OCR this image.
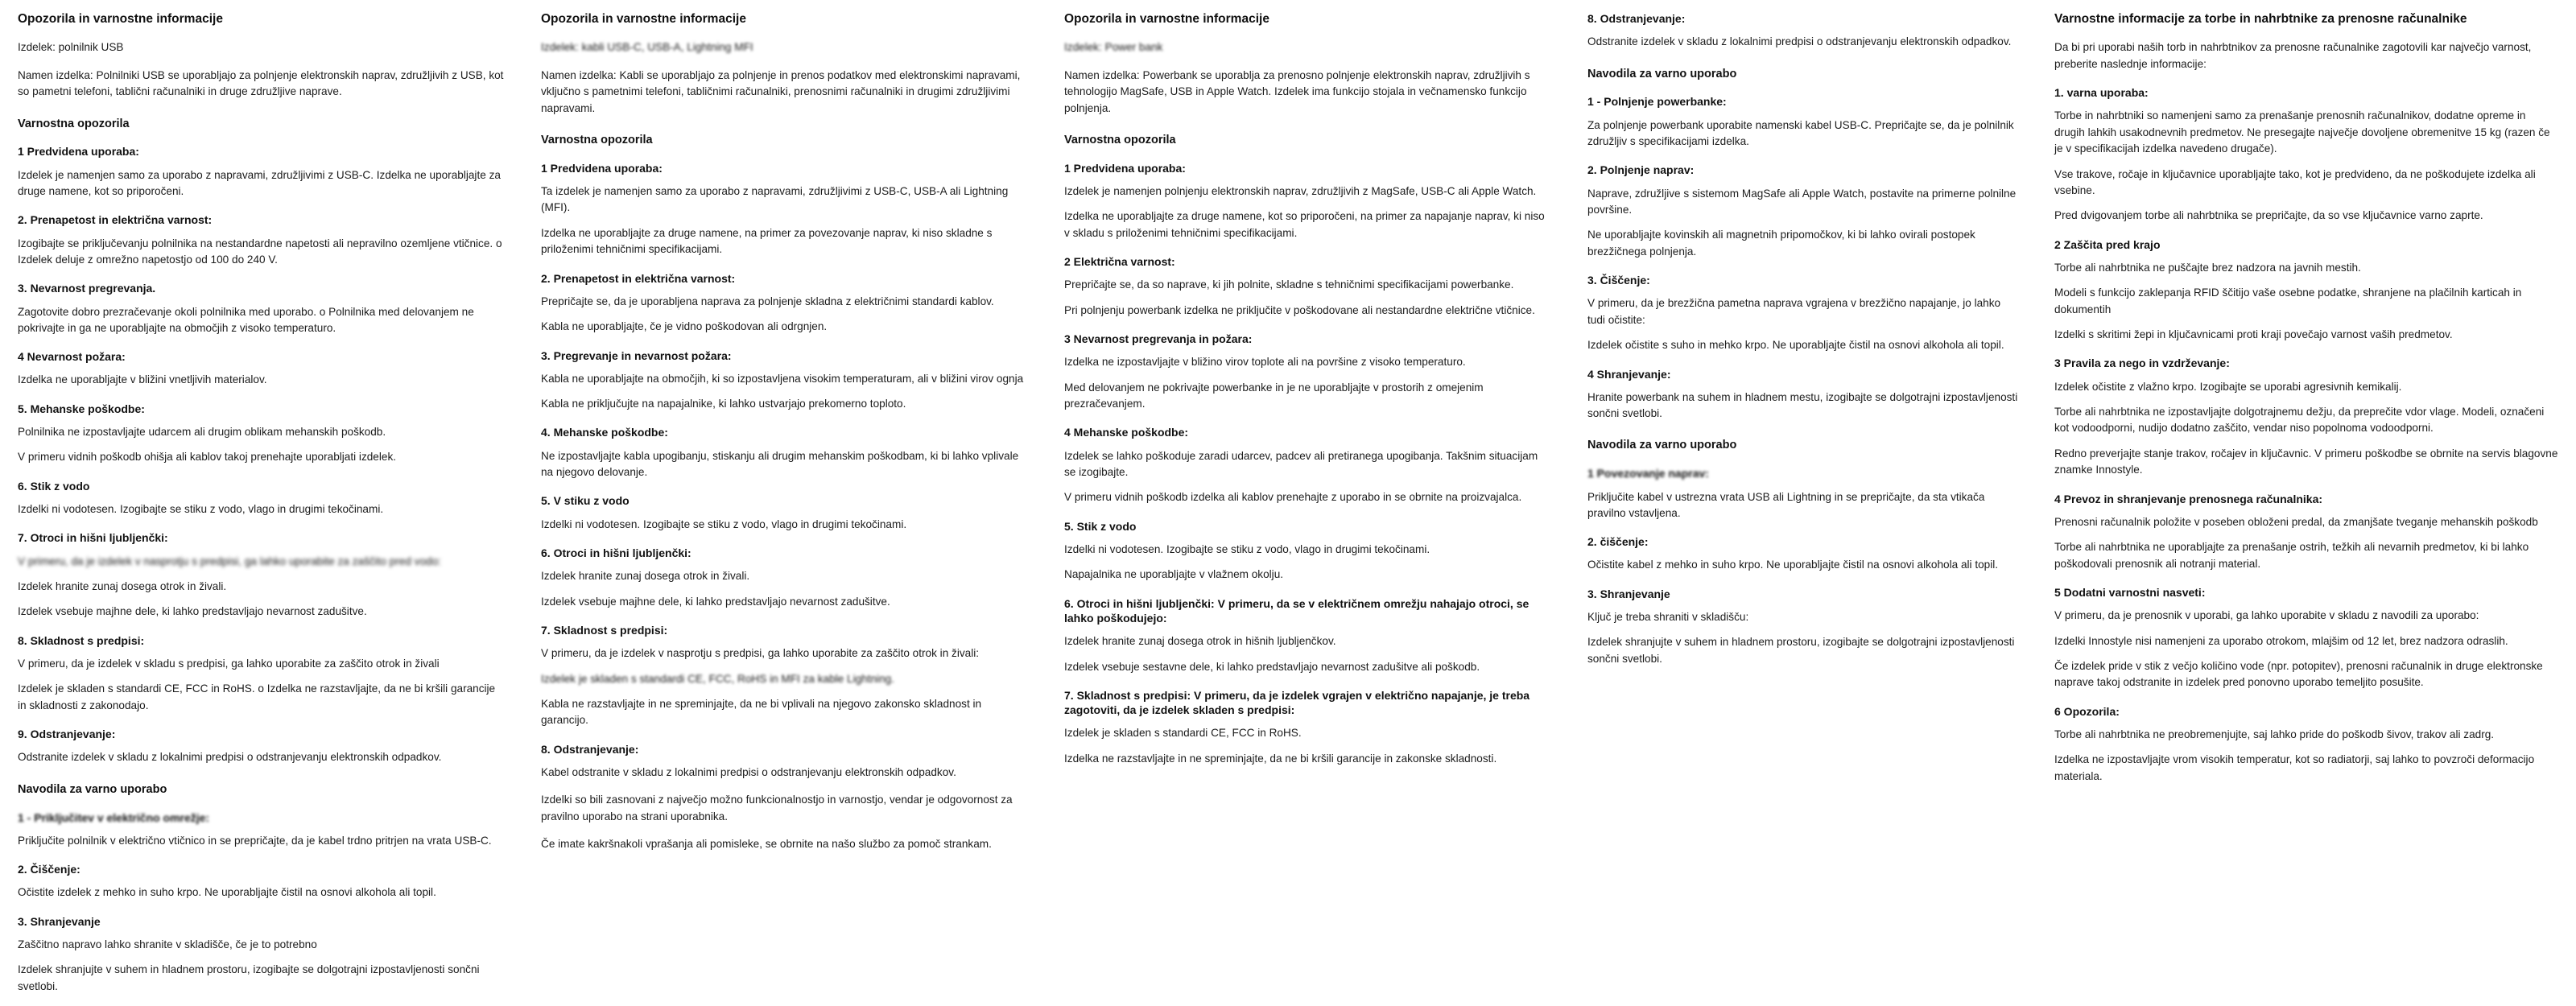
Opozorila in varnostne informacije

Izdelek: polnilnik USB

Namen izdelka: Polnilniki USB se uporabljajo za polnjenje elektronskih naprav, združljivih z USB, kot so pametni telefoni, tablični računalniki in druge združljive naprave.

Varnostna opozorila
1 Predvidena uporaba:

Izdelek je namenjen samo za uporabo z napravami, združljivimi z USB-C. Izdelka ne uporabljajte za druge namene, kot so priporočeni.

2. Prenapetost in električna varnost:

Izogibajte se priključevanju polnilnika na nestandardne napetosti ali nepravilno ozemljene vtičnice. o Izdelek deluje z omrežno napetostjo od 100 do 240 V.

3. Nevarnost pregrevanja.

Zagotovite dobro prezračevanje okoli polnilnika med uporabo. o Polnilnika med delovanjem ne pokrivajte in ga ne uporabljajte na območjih z visoko temperaturo.

4 Nevarnost požara:

Izdelka ne uporabljajte v bližini vnetljivih materialov.

5. Mehanske poškodbe:

Polnilnika ne izpostavljajte udarcem ali drugim oblikam mehanskih poškodb.

V primeru vidnih poškodb ohišja ali kablov takoj prenehajte uporabljati izdelek.

6. Stik z vodo

Izdelki ni vodotesen. Izogibajte se stiku z vodo, vlago in drugimi tekočinami.

7. Otroci in hišni ljubljenčki:

V primeru, da je izdelek v nasprotju s predpisi, ga lahko uporabite za zaščito pred vodo:

Izdelek hranite zunaj dosega otrok in živali.

Izdelek vsebuje majhne dele, ki lahko predstavljajo nevarnost zadušitve.

8. Skladnost s predpisi:

V primeru, da je izdelek v skladu s predpisi, ga lahko uporabite za zaščito otrok in živali

Izdelek je skladen s standardi CE, FCC in RoHS. o Izdelka ne razstavljajte, da ne bi kršili garancije in skladnosti z zakonodajo.

9. Odstranjevanje:

Odstranite izdelek v skladu z lokalnimi predpisi o odstranjevanju elektronskih odpadkov.

Navodila za varno uporabo
1 - Priključitev v električno omrežje:

Priključite polnilnik v električno vtičnico in se prepričajte, da je kabel trdno pritrjen na vrata USB-C.

2. Čiščenje:

Očistite izdelek z mehko in suho krpo. Ne uporabljajte čistil na osnovi alkohola ali topil.

3. Shranjevanje

Zaščitno napravo lahko shranite v skladišče, če je to potrebno

Izdelek shranjujte v suhem in hladnem prostoru, izogibajte se dolgotrajni izpostavljenosti sončni svetlobi.

Opozorila in varnostne informacije

Izdelek: kabli USB-C, USB-A, Lightning MFI

Namen izdelka: Kabli se uporabljajo za polnjenje in prenos podatkov med elektronskimi napravami, vključno s pametnimi telefoni, tabličnimi računalniki, prenosnimi računalniki in drugimi združljivimi napravami.

Varnostna opozorila
1 Predvidena uporaba:

Ta izdelek je namenjen samo za uporabo z napravami, združljivimi z USB-C, USB-A ali Lightning (MFI).

Izdelka ne uporabljajte za druge namene, na primer za povezovanje naprav, ki niso skladne s priloženimi tehničnimi specifikacijami.

2. Prenapetost in električna varnost:

Prepričajte se, da je uporabljena naprava za polnjenje skladna z električnimi standardi kablov.

Kabla ne uporabljajte, če je vidno poškodovan ali odrgnjen.

3. Pregrevanje in nevarnost požara:

Kabla ne uporabljajte na območjih, ki so izpostavljena visokim temperaturam, ali v bližini virov ognja

Kabla ne priključujte na napajalnike, ki lahko ustvarjajo prekomerno toploto.

4. Mehanske poškodbe:

Ne izpostavljajte kabla upogibanju, stiskanju ali drugim mehanskim poškodbam, ki bi lahko vplivale na njegovo delovanje.

5. V stiku z vodo

Izdelki ni vodotesen. Izogibajte se stiku z vodo, vlago in drugimi tekočinami.

6. Otroci in hišni ljubljenčki:

Izdelek hranite zunaj dosega otrok in živali.

Izdelek vsebuje majhne dele, ki lahko predstavljajo nevarnost zadušitve.

7. Skladnost s predpisi:

V primeru, da je izdelek v nasprotju s predpisi, ga lahko uporabite za zaščito otrok in živali:

Izdelek je skladen s standardi CE, FCC, RoHS in MFI za kable Lightning.

Kabla ne razstavljajte in ne spreminjajte, da ne bi vplivali na njegovo zakonsko skladnost in garancijo.

8. Odstranjevanje:

Kabel odstranite v skladu z lokalnimi predpisi o odstranjevanju elektronskih odpadkov.

Izdelki so bili zasnovani z največjo možno funkcionalnostjo in varnostjo, vendar je odgovornost za pravilno uporabo na strani uporabnika.

Če imate kakršnakoli vprašanja ali pomisleke, se obrnite na našo službo za pomoč strankam.

Opozorila in varnostne informacije

Izdelek: Power bank

Namen izdelka: Powerbank se uporablja za prenosno polnjenje elektronskih naprav, združljivih s tehnologijo MagSafe, USB in Apple Watch. Izdelek ima funkcijo stojala in večnamensko funkcijo polnjenja.

Varnostna opozorila
1 Predvidena uporaba:

Izdelek je namenjen polnjenju elektronskih naprav, združljivih z MagSafe, USB-C ali Apple Watch.

Izdelka ne uporabljajte za druge namene, kot so priporočeni, na primer za napajanje naprav, ki niso v skladu s priloženimi tehničnimi specifikacijami.

2 Električna varnost:

Prepričajte se, da so naprave, ki jih polnite, skladne s tehničnimi specifikacijami powerbanke.

Pri polnjenju powerbank izdelka ne priključite v poškodovane ali nestandardne električne vtičnice.

3 Nevarnost pregrevanja in požara:

Izdelka ne izpostavljajte v bližino virov toplote ali na površine z visoko temperaturo.

Med delovanjem ne pokrivajte powerbanke in je ne uporabljajte v prostorih z omejenim prezračevanjem.

4 Mehanske poškodbe:

Izdelek se lahko poškoduje zaradi udarcev, padcev ali pretiranega upogibanja. Takšnim situacijam se izogibajte.

V primeru vidnih poškodb izdelka ali kablov prenehajte z uporabo in se obrnite na proizvajalca.

5. Stik z vodo

Izdelki ni vodotesen. Izogibajte se stiku z vodo, vlago in drugimi tekočinami.

Napajalnika ne uporabljajte v vlažnem okolju.

6. Otroci in hišni ljubljenčki: V primeru, da se v električnem omrežju nahajajo otroci, se lahko poškodujejo:

Izdelek hranite zunaj dosega otrok in hišnih ljubljenčkov.

Izdelek vsebuje sestavne dele, ki lahko predstavljajo nevarnost zadušitve ali poškodb.

7. Skladnost s predpisi: V primeru, da je izdelek vgrajen v električno napajanje, je treba zagotoviti, da je izdelek skladen s predpisi:

Izdelek je skladen s standardi CE, FCC in RoHS.

Izdelka ne razstavljajte in ne spreminjajte, da ne bi kršili garancije in zakonske skladnosti.

8. Odstranjevanje:

Odstranite izdelek v skladu z lokalnimi predpisi o odstranjevanju elektronskih odpadkov.

Navodila za varno uporabo
1 - Polnjenje powerbanke:

Za polnjenje powerbank uporabite namenski kabel USB-C. Prepričajte se, da je polnilnik združljiv s specifikacijami izdelka.

2. Polnjenje naprav:

Naprave, združljive s sistemom MagSafe ali Apple Watch, postavite na primerne polnilne površine.

Ne uporabljajte kovinskih ali magnetnih pripomočkov, ki bi lahko ovirali postopek brezžičnega polnjenja.

3. Čiščenje:

V primeru, da je brezžična pametna naprava vgrajena v brezžično napajanje, jo lahko tudi očistite:

Izdelek očistite s suho in mehko krpo. Ne uporabljajte čistil na osnovi alkohola ali topil.

4 Shranjevanje:

Hranite powerbank na suhem in hladnem mestu, izogibajte se dolgotrajni izpostavljenosti sončni svetlobi.

Navodila za varno uporabo
1 Povezovanje naprav:

Priključite kabel v ustrezna vrata USB ali Lightning in se prepričajte, da sta vtikača pravilno vstavljena.

2. čiščenje:

Očistite kabel z mehko in suho krpo. Ne uporabljajte čistil na osnovi alkohola ali topil.

3. Shranjevanje

Ključ je treba shraniti v skladišču:

Izdelek shranjujte v suhem in hladnem prostoru, izogibajte se dolgotrajni izpostavljenosti sončni svetlobi.

Varnostne informacije za torbe in nahrbtnike za prenosne računalnike

Da bi pri uporabi naših torb in nahrbtnikov za prenosne računalnike zagotovili kar največjo varnost, preberite naslednje informacije:

1. varna uporaba:

Torbe in nahrbtniki so namenjeni samo za prenašanje prenosnih računalnikov, dodatne opreme in drugih lahkih usakodnevnih predmetov. Ne presegajte največje dovoljene obremenitve 15 kg (razen če je v specifikacijah izdelka navedeno drugače).

Vse trakove, ročaje in ključavnice uporabljajte tako, kot je predvideno, da ne poškodujete izdelka ali vsebine.

Pred dvigovanjem torbe ali nahrbtnika se prepričajte, da so vse ključavnice varno zaprte.

2 Zaščita pred krajo

Torbe ali nahrbtnika ne puščajte brez nadzora na javnih mestih.

Modeli s funkcijo zaklepanja RFID ščitijo vaše osebne podatke, shranjene na plačilnih karticah in dokumentih

Izdelki s skritimi žepi in ključavnicami proti kraji povečajo varnost vaših predmetov.

3 Pravila za nego in vzdrževanje:

Izdelek očistite z vlažno krpo. Izogibajte se uporabi agresivnih kemikalij.

Torbe ali nahrbtnika ne izpostavljajte dolgotrajnemu dežju, da preprečite vdor vlage. Modeli, označeni kot vodoodporni, nudijo dodatno zaščito, vendar niso popolnoma vodoodporni.

Redno preverjajte stanje trakov, ročajev in ključavnic. V primeru poškodbe se obrnite na servis blagovne znamke Innostyle.

4 Prevoz in shranjevanje prenosnega računalnika:

Prenosni računalnik položite v poseben obloženi predal, da zmanjšate tveganje mehanskih poškodb

Torbe ali nahrbtnika ne uporabljajte za prenašanje ostrih, težkih ali nevarnih predmetov, ki bi lahko poškodovali prenosnik ali notranji material.

5 Dodatni varnostni nasveti:

V primeru, da je prenosnik v uporabi, ga lahko uporabite v skladu z navodili za uporabo:

Izdelki Innostyle nisi namenjeni za uporabo otrokom, mlajšim od 12 let, brez nadzora odraslih.

Če izdelek pride v stik z večjo količino vode (npr. potopitev), prenosni računalnik in druge elektronske naprave takoj odstranite in izdelek pred ponovno uporabo temeljito posušite.

6 Opozorila:

Torbe ali nahrbtnika ne preobremenjujte, saj lahko pride do poškodb šivov, trakov ali zadrg.

Izdelka ne izpostavljajte vrom visokih temperatur, kot so radiatorji, saj lahko to povzroči deformacijo materiala.
